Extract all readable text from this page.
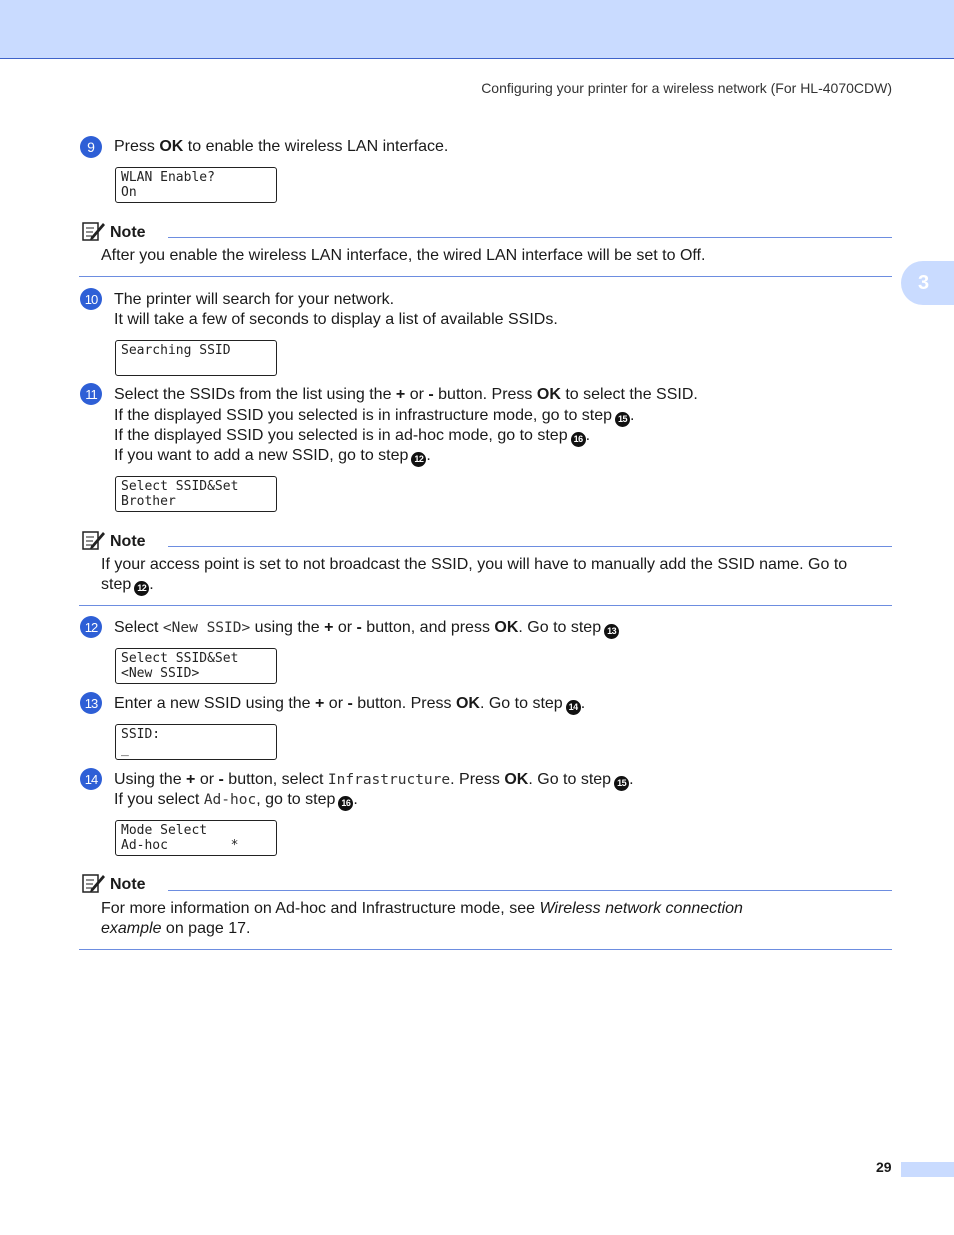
Configuring your printer for a wireless network (For HL-4070CDW)
3
9	Press OK to enable the wireless LAN interface.
WLAN Enable?
On
Note
After you enable the wireless LAN interface, the wired LAN interface will be set to Off.
10 The printer will search for your network.
It will take a few of seconds to display a list of available SSIDs.
Searching SSID
11	Select the SSIDs from the list using the + or - button. Press OK to select the SSID.
If the displayed SSID you selected is in infrastructure mode, go to step 15 .
If the displayed SSID you selected is in ad-hoc mode, go to step 16 .
If you want to add a new SSID, go to step 12 .
Select SSID&Set
Brother
Note
If your access point is set to not broadcast the SSID, you will have to manually add the SSID name. Go to
step 12 .
12 Select <New SSID> using the + or - button, and press OK. Go to step 13
Select SSID&Set
<New SSID>
13 Enter a new SSID using the + or - button. Press OK. Go to step 14 .
SSID:
_
14 Using the + or - button, select Infrastructure. Press OK. Go to step 15 .
If you select Ad-hoc, go to step 16 .
Mode Select
Ad-hoc        *
Note
For more information on Ad-hoc and Infrastructure mode, see Wireless network connection
example on page 17.
29
